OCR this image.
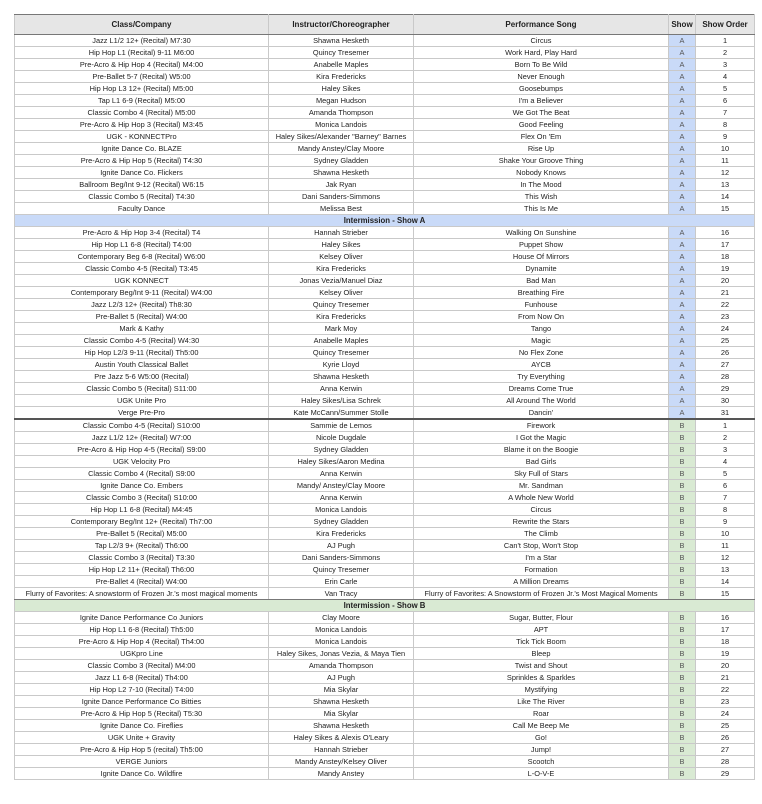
Class/Company	Instructor/Choreographer	Performance Song	Show	Show Order
Jazz L1/2 12+ (Recital) M7:30	Shawna Hesketh	Circus	A	1
Hip Hop L1 (Recital) 9-11 M6:00	Quincy Tresemer	Work Hard, Play Hard	A	2
Pre-Acro & Hip Hop 4 (Recital) M4:00	Anabelle Maples	Born To Be Wild	A	3
Pre-Ballet 5-7 (Recital) W5:00	Kira Fredericks	Never Enough	A	4
Hip Hop L3 12+ (Recital) M5:00	Haley Sikes	Goosebumps	A	5
Tap L1 6-9 (Recital) M5:00	Megan Hudson	I'm a Believer	A	6
Classic Combo 4 (Recital) M5:00	Amanda Thompson	We Got The Beat	A	7
Pre-Acro & Hip Hop 3 (Recital) M3:45	Monica Landois	Good Feeling	A	8
UGK - KONNECTPro	Haley Sikes/Alexander "Barney" Barnes	Flex On 'Em	A	9
Ignite Dance Co. BLAZE	Mandy Anstey/Clay Moore	Rise Up	A	10
Pre-Acro & Hip Hop 5 (Recital) T4:30	Sydney Gladden	Shake Your Groove Thing	A	11
Ignite Dance Co. Flickers	Shawna Hesketh	Nobody Knows	A	12
Ballroom Beg/Int 9-12 (Recital) W6:15	Jak Ryan	In The Mood	A	13
Classic Combo 5 (Recital) T4:30	Dani Sanders-Simmons	This Wish	A	14
Faculty Dance	Melissa Best	This Is Me	A	15
Intermission - Show A				
Pre-Acro & Hip Hop 3-4 (Recital) T4	Hannah Strieber	Walking On Sunshine	A	16
Hip Hop L1 6-8 (Recital) T4:00	Haley Sikes	Puppet Show	A	17
Contemporary Beg 6-8 (Recital) W6:00	Kelsey Oliver	House Of Mirrors	A	18
Classic Combo 4-5 (Recital) T3:45	Kira Fredericks	Dynamite	A	19
UGK KONNECT	Jonas Vezia/Manuel Diaz	Bad Man	A	20
Contemporary Beg/Int 9-11 (Recital) W4:00	Kelsey Oliver	Breathing Fire	A	21
Jazz L2/3 12+ (Recital) Th8:30	Quincy Tresemer	Funhouse	A	22
Pre-Ballet 5 (Recital) W4:00	Kira Fredericks	From Now On	A	23
Mark & Kathy	Mark Moy	Tango	A	24
Classic Combo 4-5 (Recital) W4:30	Anabelle Maples	Magic	A	25
Hip Hop L2/3 9-11 (Recital) Th5:00	Quincy Tresemer	No Flex Zone	A	26
Austin Youth Classical Ballet	Kyrie Lloyd	AYCB	A	27
Pre Jazz 5-6 W5:00 (Recital)	Shawna Hesketh	Try Everything	A	28
Classic Combo 5 (Recital) S11:00	Anna Kerwin	Dreams Come True	A	29
UGK Unite Pro	Haley Sikes/Lisa Schrek	All Around The World	A	30
Verge Pre-Pro	Kate McCann/Summer Stolle	Dancin'	A	31
Classic Combo 4-5 (Recital) S10:00	Sammie de Lemos	Firework	B	1
Jazz L1/2 12+ (Recital) W7:00	Nicole Dugdale	I Got the Magic	B	2
Pre-Acro & Hip Hop 4-5 (Recital) S9:00	Sydney Gladden	Blame it on the Boogie	B	3
UGK Velocity Pro	Haley Sikes/Aaron Medina	Bad Girls	B	4
Classic Combo 4 (Recital) S9:00	Anna Kerwin	Sky Full of Stars	B	5
Ignite Dance Co. Embers	Mandy/ Anstey/Clay Moore	Mr. Sandman	B	6
Classic Combo 3 (Recital) S10:00	Anna Kerwin	A Whole New World	B	7
Hip Hop L1 6-8 (Recital) M4:45	Monica Landois	Circus	B	8
Contemporary Beg/Int 12+ (Recital) Th7:00	Sydney Gladden	Rewrite the Stars	B	9
Pre-Ballet 5 (Recital) M5:00	Kira Fredericks	The Climb	B	10
Tap L2/3 9+ (Recital) Th6:00	AJ Pugh	Can't Stop, Won't Stop	B	11
Classic Combo 3 (Recital) T3:30	Dani Sanders-Simmons	I'm a Star	B	12
Hip Hop L2 11+ (Recital) Th6:00	Quincy Tresemer	Formation	B	13
Pre-Ballet 4 (Recital) W4:00	Erin Carle	A Million Dreams	B	14
Flurry of Favorites: A snowstorm of Frozen Jr.'s most magical moments	Van Tracy	Flurry of Favorites: A Snowstorm of Frozen Jr.'s Most Magical Moments	B	15
Intermission - Show B				
Ignite Dance Performance Co Juniors	Clay Moore	Sugar, Butter, Flour	B	16
Hip Hop L1 6-8 (Recital) Th5:00	Monica Landois	APT	B	17
Pre-Acro & Hip Hop 4 (Recital) Th4:00	Monica Landois	Tick Tick Boom	B	18
UGKpro Line	Haley Sikes, Jonas Vezia, & Maya Tien	Bleep	B	19
Classic Combo 3 (Recital) M4:00	Amanda Thompson	Twist and Shout	B	20
Jazz L1 6-8 (Recital) Th4:00	AJ Pugh	Sprinkles & Sparkles	B	21
Hip Hop L2 7-10 (Recital) T4:00	Mia Skylar	Mystifying	B	22
Ignite Dance Performance Co Bitties	Shawna Hesketh	Like The River	B	23
Pre-Acro & Hip Hop 5 (Recital) T5:30	Mia Skylar	Roar	B	24
Ignite Dance Co. Fireflies	Shawna Hesketh	Call Me Beep Me	B	25
UGK Unite + Gravity	Haley Sikes & Alexis O'Leary	Go!	B	26
Pre-Acro & Hip Hop 5 (recital) Th5:00	Hannah Strieber	Jump!	B	27
VERGE Juniors	Mandy Anstey/Kelsey Oliver	Scootch	B	28
Ignite Dance Co. Wildfire	Mandy Anstey	L-O-V-E	B	29
